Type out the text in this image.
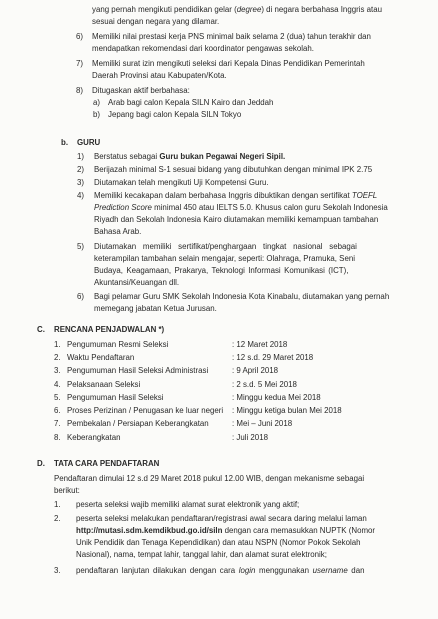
yang pernah mengikuti pendidikan gelar (degree) di negara berbahasa Inggris atau
sesuai dengan negara yang dilamar.
6) Memiliki nilai prestasi kerja PNS minimal baik selama 2 (dua) tahun terakhir dan
mendapatkan rekomendasi dari koordinator pengawas sekolah.
7) Memiliki surat izin mengikuti seleksi dari Kepala Dinas Pendidikan Pemerintah
Daerah Provinsi atau Kabupaten/Kota.
8) Ditugaskan aktif berbahasa:
a) Arab bagi calon Kepala SILN Kairo dan Jeddah
b) Jepang bagi calon Kepala SILN Tokyo
b. GURU
1) Berstatus sebagai Guru bukan Pegawai Negeri Sipil.
2) Berijazah minimal S-1 sesuai bidang yang dibutuhkan dengan minimal IPK 2.75
3) Diutamakan telah mengikuti Uji Kompetensi Guru.
4) Memiliki kecakapan dalam berbahasa Inggris dibuktikan dengan sertifikat TOEFL
Prediction Score minimal 450 atau IELTS 5.0. Khusus calon guru Sekolah Indonesia
Riyadh dan Sekolah Indonesia Kairo diutamakan memiliki kemampuan tambahan
Bahasa Arab.
5) Diutamakan memiliki sertifikat/penghargaan tingkat nasional sebagai
keterampilan tambahan selain mengajar, seperti: Olahraga, Pramuka, Seni
Budaya, Keagamaan, Prakarya, Teknologi Informasi Komunikasi (ICT),
Akuntansi/Keuangan dll.
6) Bagi pelamar Guru SMK Sekolah Indonesia Kota Kinabalu, diutamakan yang pernah
memegang jabatan Ketua Jurusan.
C. RENCANA PENJADWALAN *)
1. Pengumuman Resmi Seleksi	: 12 Maret 2018
2. Waktu Pendaftaran	: 12 s.d. 29 Maret 2018
3. Pengumuman Hasil Seleksi Administrasi	: 9 April 2018
4. Pelaksanaan Seleksi	: 2 s.d. 5 Mei 2018
5. Pengumuman Hasil Seleksi	: Minggu kedua Mei 2018
6. Proses Perizinan / Penugasan ke luar negeri : Minggu ketiga bulan Mei 2018
7. Pembekalan / Persiapan Keberangkatan	: Mei – Juni 2018
8. Keberangkatan	: Juli 2018
D. TATA CARA PENDAFTARAN
Pendaftaran dimulai 12 s.d 29 Maret 2018 pukul 12.00 WIB, dengan mekanisme sebagai
berikut:
1. peserta seleksi wajib memiliki alamat surat elektronik yang aktif;
2. peserta seleksi melakukan pendaftaran/registrasi awal secara daring melalui laman
http://mutasi.sdm.kemdikbud.go.id/siln dengan cara memasukkan NUPTK (Nomor
Unik Pendidik dan Tenaga Kependidikan) dan atau NSPN (Nomor Pokok Sekolah
Nasional), nama, tempat lahir, tanggal lahir, dan alamat surat elektronik;
3. pendaftaran lanjutan dilakukan dengan cara login menggunakan username dan
